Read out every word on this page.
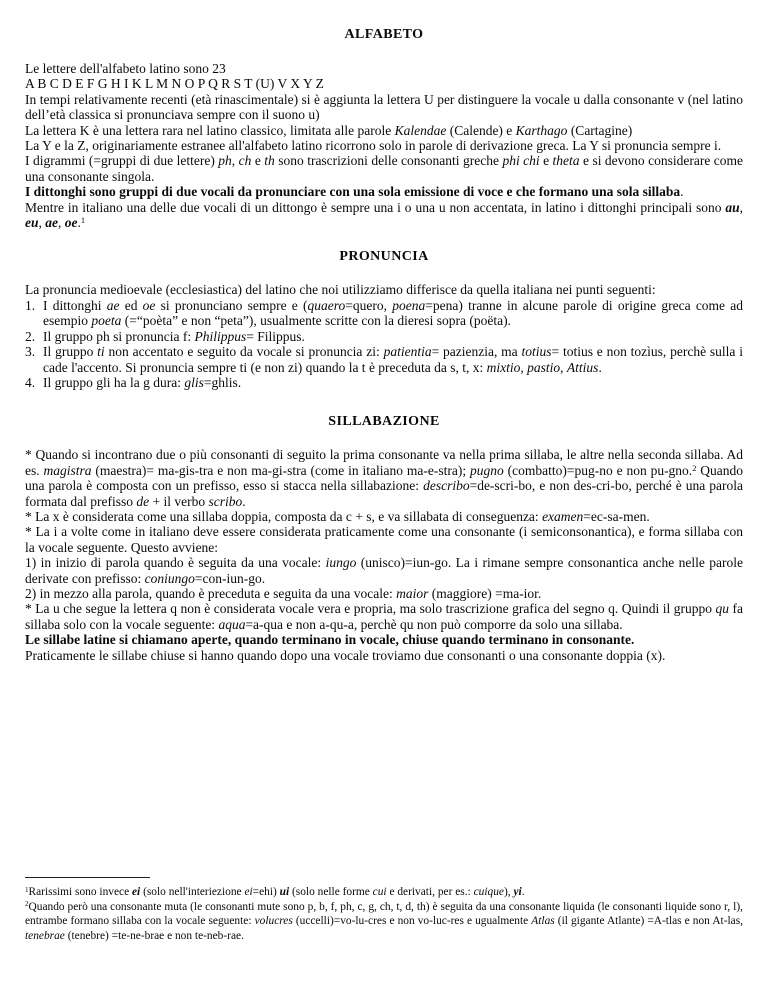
ALFABETO
Le lettere dell'alfabeto latino sono 23
A B C D E F G H I K L M N O P Q R S T (U) V X Y Z
In tempi relativamente recenti (età rinascimentale) si è aggiunta la lettera U per distinguere la vocale u dalla consonante v (nel latino dell’età classica si pronunciava sempre con il suono u)
La lettera K è una lettera rara nel latino classico, limitata alle parole Kalendae (Calende) e Karthago (Cartagine)
La Y e la Z, originariamente estranee all'alfabeto latino ricorrono solo in parole di derivazione greca. La Y si pronuncia sempre i.
I digrammi (=gruppi di due lettere) ph, ch e th sono trascrizioni delle consonanti greche phi chi e theta e si devono considerare come una consonante singola.
I dittonghi sono gruppi di due vocali da pronunciare con una sola emissione di voce e che formano una sola sillaba.
Mentre in italiano una delle due vocali di un dittongo è sempre una i o una u non accentata, in latino i dittonghi principali sono au, eu, ae, oe.$^1$
PRONUNCIA
La pronuncia medioevale (ecclesiastica) del latino che noi utilizziamo differisce da quella italiana nei punti seguenti:
1. I dittonghi ae ed oe si pronunciano sempre e (quaero=quero, poena=pena) tranne in alcune parole di origine greca come ad esempio poeta (=“poèta” e non “peta”), usualmente scritte con la dieresi sopra (poëta).
2. Il gruppo ph si pronuncia f: Philippus= Filippus.
3. Il gruppo ti non accentato e seguito da vocale si pronuncia zi: patientia= pazienzia, ma totius= totius e non tozìus, perchè sulla i cade l'accento. Si pronuncia sempre ti (e non zi) quando la t è preceduta da s, t, x: mixtio, pastio, Attius.
4. Il gruppo gli ha la g dura: glis=ghlis.
SILLABAZIONE
* Quando si incontrano due o più consonanti di seguito la prima consonante va nella prima sillaba, le altre nella seconda sillaba. Ad es. magistra (maestra)= ma-gis-tra e non ma-gi-stra (come in italiano ma-e-stra); pugno (combatto)=pug-no e non pu-gno.$^2$ Quando una parola è composta con un prefisso, esso si stacca nella sillabazione: describo=de-scri-bo, e non des-cri-bo, perché è una parola formata dal prefisso de + il verbo scribo.
* La x è considerata come una sillaba doppia, composta da c + s, e va sillabata di conseguenza: examen=ec-sa-men.
* La i a volte come in italiano deve essere considerata praticamente come una consonante (i semiconsonantica), e forma sillaba con la vocale seguente. Questo avviene:
1) in inizio di parola quando è seguita da una vocale: iungo (unisco)=iun-go. La i rimane sempre consonantica anche nelle parole derivate con prefisso: coniungo=con-iun-go.
2) in mezzo alla parola, quando è preceduta e seguita da una vocale: maior (maggiore) =ma-ior.
* La u che segue la lettera q non è considerata vocale vera e propria, ma solo trascrizione grafica del segno q. Quindi il gruppo qu fa sillaba solo con la vocale seguente: aqua=a-qua e non a-qu-a, perchè qu non può comporre da solo una sillaba.
Le sillabe latine si chiamano aperte, quando terminano in vocale, chiuse quando terminano in consonante.
Praticamente le sillabe chiuse si hanno quando dopo una vocale troviamo due consonanti o una consonante doppia (x).
$^1$Rarissimi sono invece ei (solo nell'interiezione ei=ehi) ui (solo nelle forme cui e derivati, per es.: cuique), yi.
$^2$Quando però una consonante muta (le consonanti mute sono p, b, f, ph, c, g, ch, t, d, th) è seguita da una consonante liquida (le consonanti liquide sono r, l), entrambe formano sillaba con la vocale seguente: volucres (uccelli)=vo-lu-cres e non vo-luc-res e ugualmente Atlas (il gigante Atlante) =A-tlas e non At-las, tenebrae (tenebre) =te-ne-brae e non te-neb-rae.
